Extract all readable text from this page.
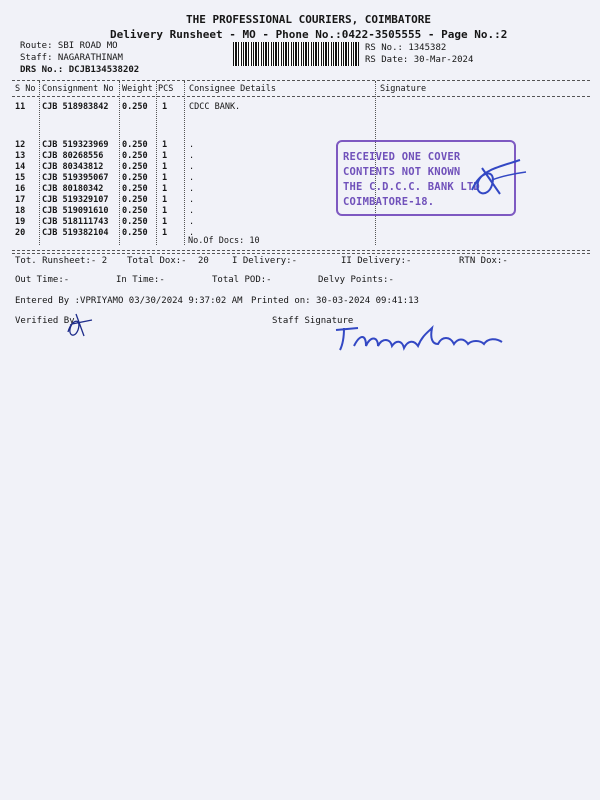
THE PROFESSIONAL COURIERS, COIMBATORE
Delivery Runsheet - MO - Phone No.:0422-3505555 - Page No.:2
Route: SBI ROAD MO
Staff: NAGARATHINAM
DRS No.: DCJB134538202
RS No.: 1345382
RS Date: 30-Mar-2024
S No Consignment No Weight PCS Consignee Details	Signature
11 CJB 518983842 0.250 1	CDCC BANK.
12 CJB 519323969 0.250 1	.
13 CJB 80268556 0.250 1	.
14 CJB 80343812 0.250 1	.
15 CJB 519395067 0.250 1	.
16 CJB 80180342 0.250 1	.
17 CJB 519329107 0.250 1	.
18 CJB 519091610 0.250 1	.
19 CJB 518111743 0.250 1	.
20 CJB 519382104 0.250 1	.
No.Of Docs: 10
RECEIVED ONE COVER
CONTENTS NOT KNOWN
THE C.D.C.C. BANK LTD
COIMBATORE-18.
Tot. Runsheet:- 2 Total Dox:- 20	I Delivery:-	II Delivery:-	RTN Dox:-
Out Time:-	In Time:-	Total POD:-	Delvy Points:-
Entered By :VPRIYAMO 03/30/2024 9:37:02 AM Printed on: 30-03-2024 09:41:13
Verified By	Staff Signature
